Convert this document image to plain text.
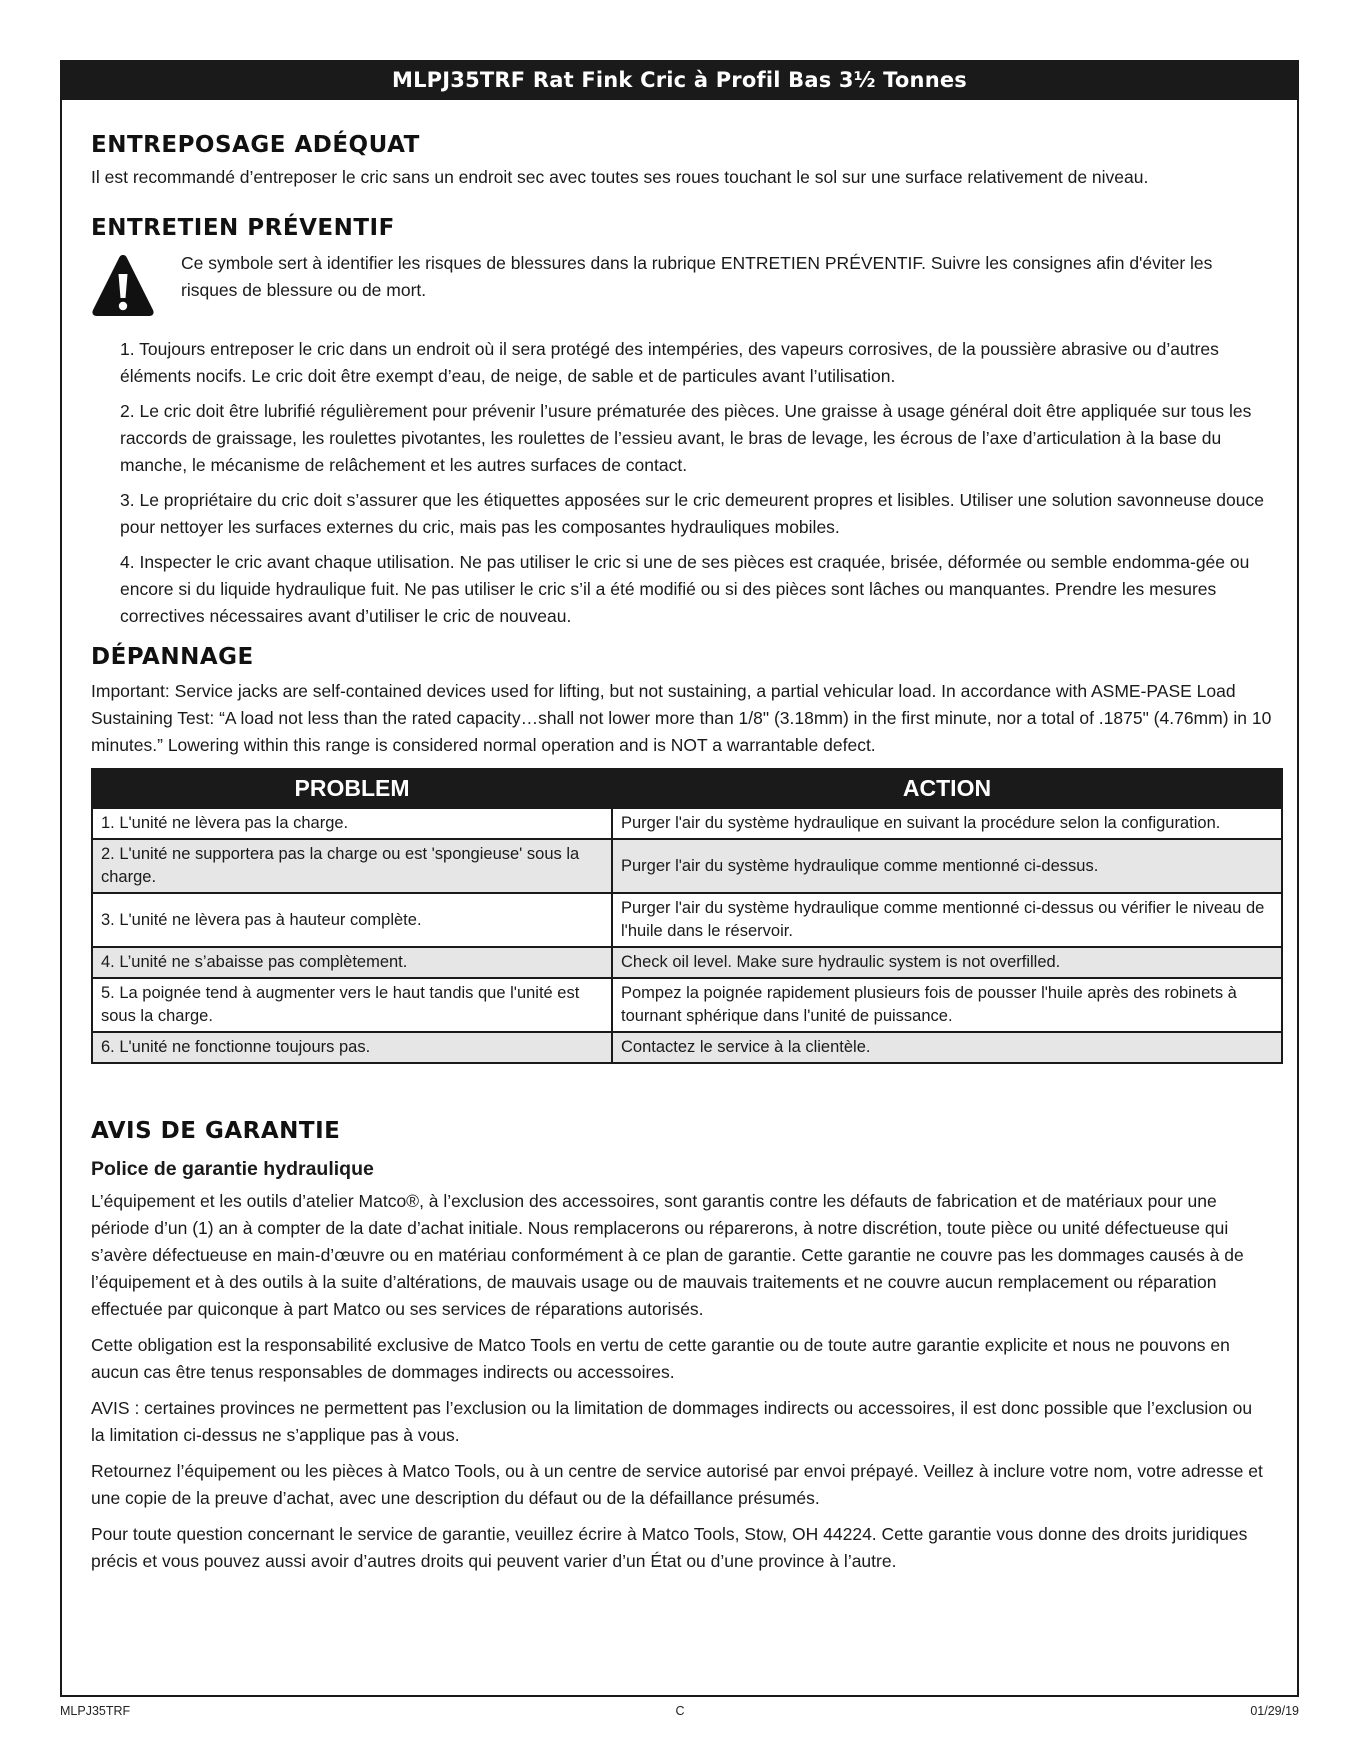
MLPJ35TRF Rat Fink Cric à Profil Bas 3½ Tonnes
ENTREPOSAGE ADÉQUAT

Il est recommandé d’entreposer le cric sans un endroit sec avec toutes ses roues touchant le sol sur une surface relativement de niveau.

ENTRETIEN PRÉVENTIF

Ce symbole sert à identifier les risques de blessures dans la rubrique ENTRETIEN PRÉVENTIF. Suivre les consignes afin d'éviter les risques de blessure ou de mort.

1. Toujours entreposer le cric dans un endroit où il sera protégé des intempéries, des vapeurs corrosives, de la poussière abrasive ou d’autres éléments nocifs. Le cric doit être exempt d’eau, de neige, de sable et de particules avant l’utilisation.
2. Le cric doit être lubrifié régulièrement pour prévenir l’usure prématurée des pièces. Une graisse à usage général doit être appliquée sur tous les raccords de graissage, les roulettes pivotantes, les roulettes de l’essieu avant, le bras de levage, les écrous de l’axe d’articulation à la base du manche, le mécanisme de relâchement et les autres surfaces de contact.
3. Le propriétaire du cric doit s’assurer que les étiquettes apposées sur le cric demeurent propres et lisibles. Utiliser une solution savonneuse douce pour nettoyer les surfaces externes du cric, mais pas les composantes hydrauliques mobiles.
4. Inspecter le cric avant chaque utilisation. Ne pas utiliser le cric si une de ses pièces est craquée, brisée, déformée ou semble endomma-gée ou encore si du liquide hydraulique fuit. Ne pas utiliser le cric s’il a été modifié ou si des pièces sont lâches ou manquantes. Prendre les mesures correctives nécessaires avant d’utiliser le cric de nouveau.
DÉPANNAGE

Important: Service jacks are self-contained devices used for lifting, but not sustaining, a partial vehicular load. In accordance with ASME-PASE Load Sustaining Test: “A load not less than the rated capacity…shall not lower more than 1/8" (3.18mm) in the first minute, nor a total of .1875" (4.76mm) in 10 minutes.” Lowering within this range is considered normal operation and is NOT a warrantable defect.

PROBLEM	ACTION
1. L'unité ne lèvera pas la charge.	Purger l'air du système hydraulique en suivant la procédure selon la configuration.
2. L'unité ne supportera pas la charge ou est 'spongieuse' sous la charge.	Purger l'air du système hydraulique comme mentionné ci-dessus.
3. L'unité ne lèvera pas à hauteur complète.	Purger l'air du système hydraulique comme mentionné ci-dessus ou vérifier le niveau de l'huile dans le réservoir.
4. L’unité ne s’abaisse pas complètement.	Check oil level. Make sure hydraulic system is not overfilled.
5. La poignée tend à augmenter vers le haut tandis que l'unité est sous la charge.	Pompez la poignée rapidement plusieurs fois de pousser l'huile après des robinets à tournant sphérique dans l'unité de puissance.
6. L'unité ne fonctionne toujours pas.	Contactez le service à la clientèle.
AVIS DE GARANTIE
Police de garantie hydraulique

L’équipement et les outils d’atelier Matco®, à l’exclusion des accessoires, sont garantis contre les défauts de fabrication et de matériaux pour une période d’un (1) an à compter de la date d’achat initiale. Nous remplacerons ou réparerons, à notre discrétion, toute pièce ou unité défectueuse qui s’avère défectueuse en main-d’œuvre ou en matériau conformément à ce plan de garantie. Cette garantie ne couvre pas les dommages causés à de l’équipement et à des outils à la suite d’altérations, de mauvais usage ou de mauvais traitements et ne couvre aucun remplacement ou réparation effectuée par quiconque à part Matco ou ses services de réparations autorisés.

Cette obligation est la responsabilité exclusive de Matco Tools en vertu de cette garantie ou de toute autre garantie explicite et nous ne pouvons en aucun cas être tenus responsables de dommages indirects ou accessoires.

AVIS : certaines provinces ne permettent pas l’exclusion ou la limitation de dommages indirects ou accessoires, il est donc possible que l’exclusion ou la limitation ci-dessus ne s’applique pas à vous.

Retournez l’équipement ou les pièces à Matco Tools, ou à un centre de service autorisé par envoi prépayé. Veillez à inclure votre nom, votre adresse et une copie de la preuve d’achat, avec une description du défaut ou de la défaillance présumés.

Pour toute question concernant le service de garantie, veuillez écrire à Matco Tools, Stow, OH 44224. Cette garantie vous donne des droits juridiques précis et vous pouvez aussi avoir d’autres droits qui peuvent varier d’un État ou d’une province à l’autre.

MLPJ35TRF	C	01/29/19
